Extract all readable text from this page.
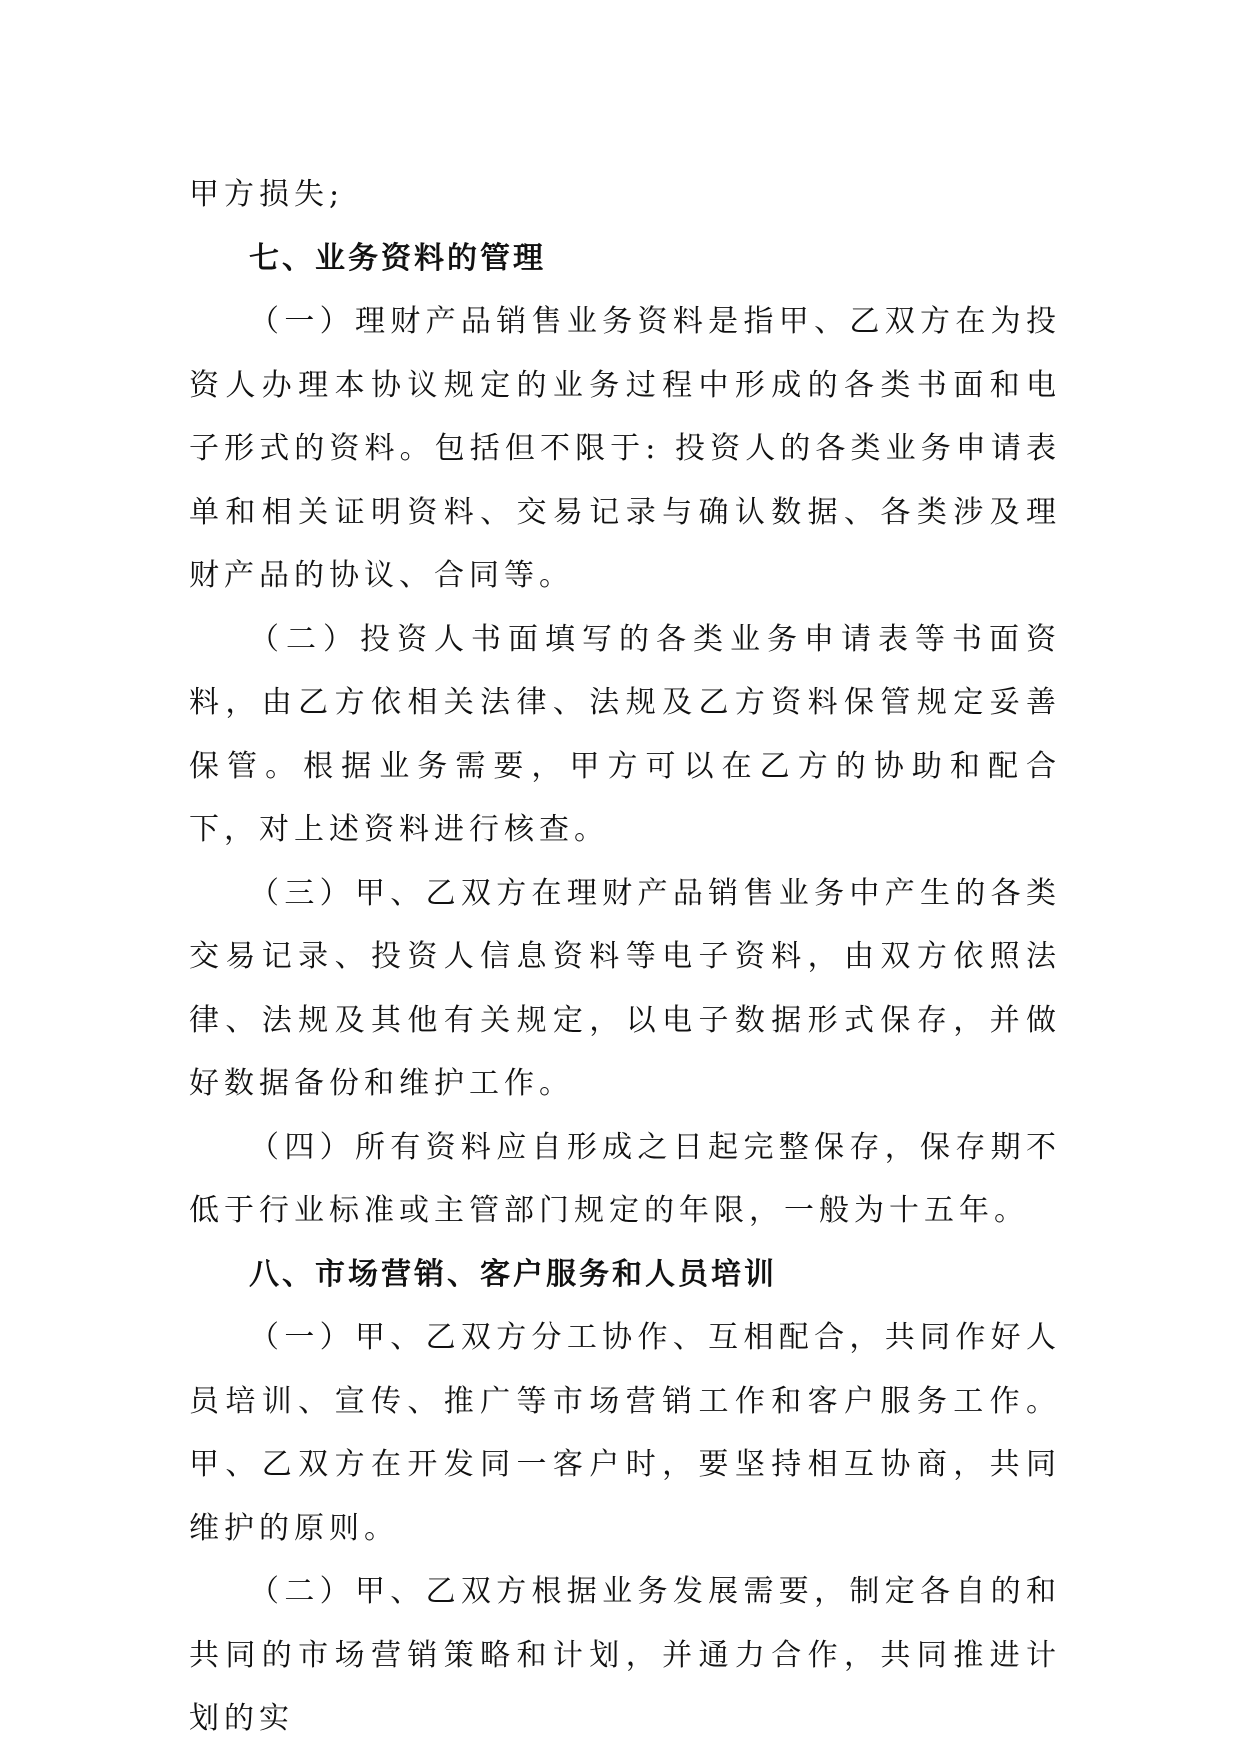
甲方损失;

七、业务资料的管理

（一）理财产品销售业务资料是指甲、乙双方在为投资人办理本协议规定的业务过程中形成的各类书面和电子形式的资料。包括但不限于: 投资人的各类业务申请表单和相关证明资料、交易记录与确认数据、各类涉及理财产品的协议、合同等。

（二）投资人书面填写的各类业务申请表等书面资料，由乙方依相关法律、法规及乙方资料保管规定妥善保管。根据业务需要，甲方可以在乙方的协助和配合下，对上述资料进行核查。

（三）甲、乙双方在理财产品销售业务中产生的各类交易记录、投资人信息资料等电子资料，由双方依照法律、法规及其他有关规定，以电子数据形式保存，并做好数据备份和维护工作。

（四）所有资料应自形成之日起完整保存，保存期不低于行业标准或主管部门规定的年限，一般为十五年。

八、市场营销、客户服务和人员培训

（一）甲、乙双方分工协作、互相配合，共同作好人员培训、宣传、推广等市场营销工作和客户服务工作。甲、乙双方在开发同一客户时，要坚持相互协商，共同维护的原则。

（二）甲、乙双方根据业务发展需要，制定各自的和共同的市场营销策略和计划，并通力合作，共同推进计划的实
